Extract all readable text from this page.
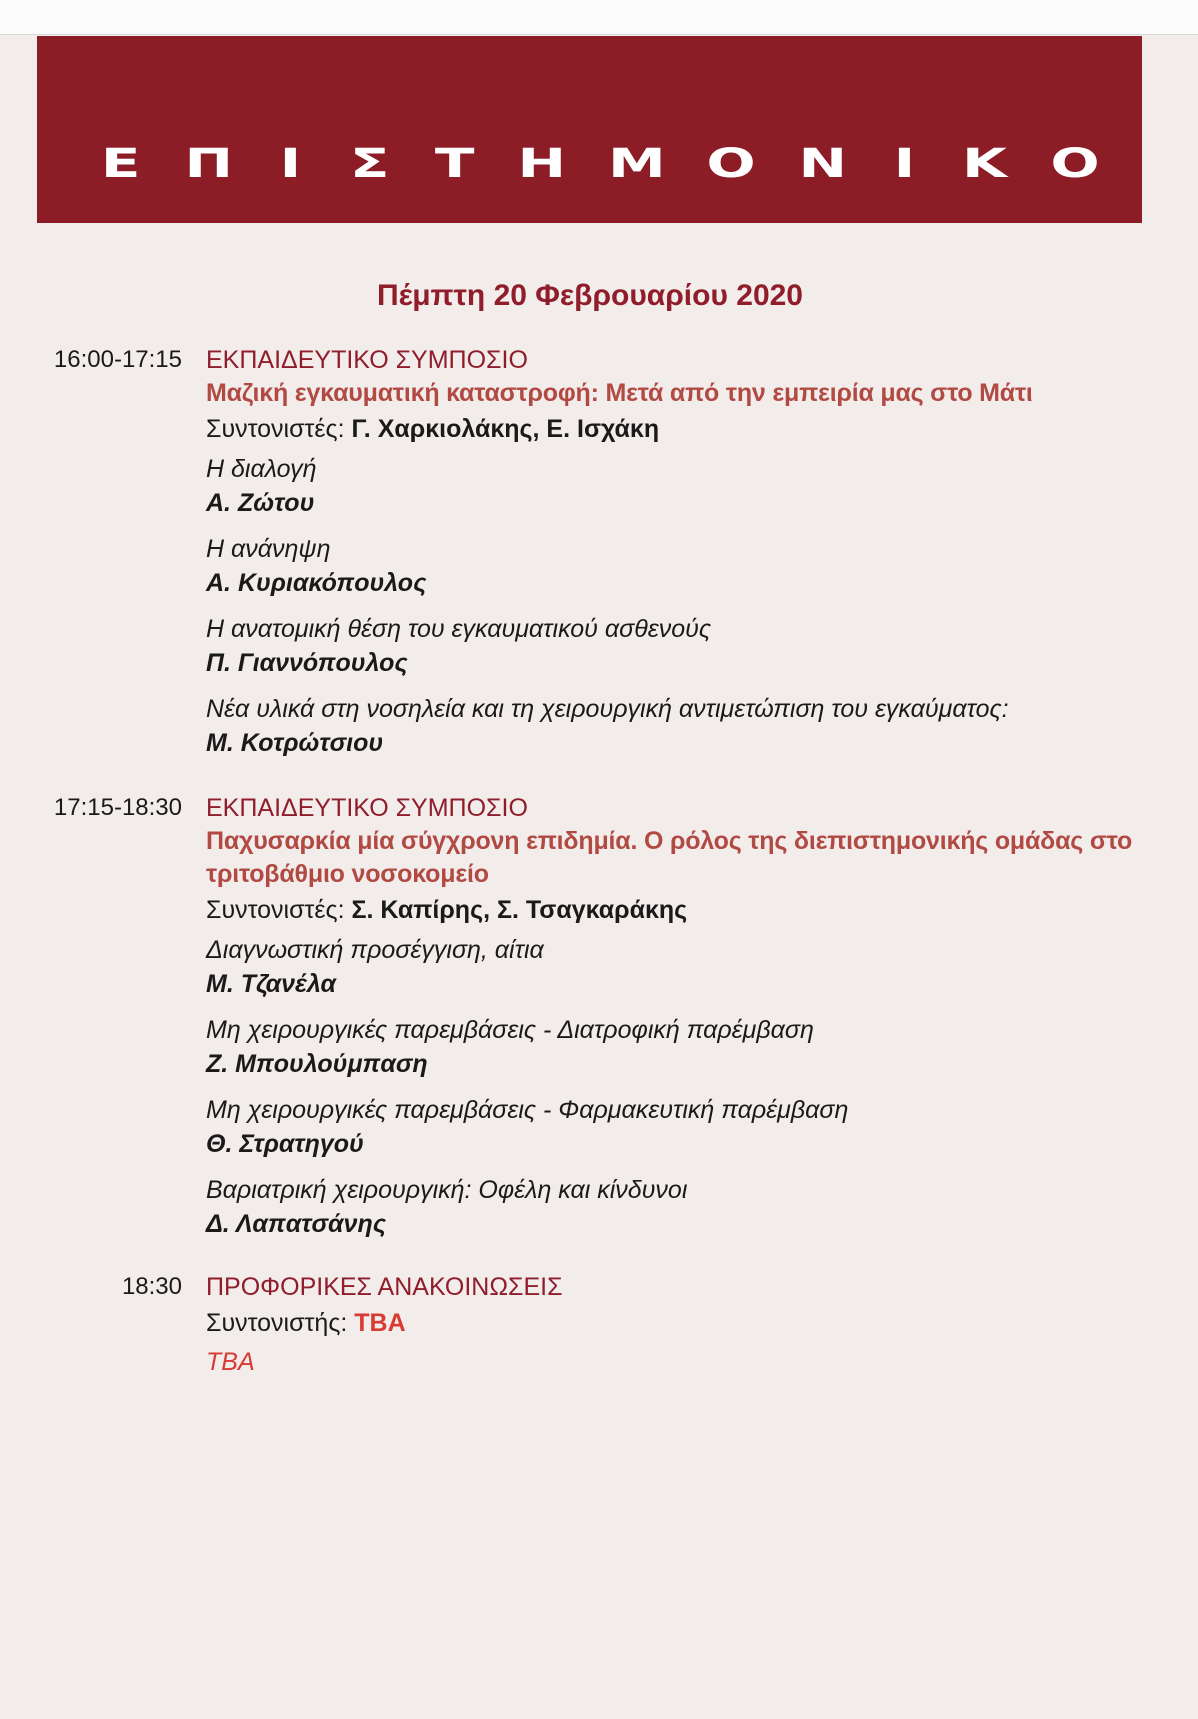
Ε Π Ι Σ Τ Η Μ Ο Ν Ι Κ Ο
Πέμπτη 20 Φεβρουαρίου 2020
16:00-17:15 ΕΚΠΑΙΔΕΥΤΙΚΟ ΣΥΜΠΟΣΙΟ
Μαζική εγκαυματική καταστροφή: Μετά από την εμπειρία μας στο Μάτι
Συντονιστές: Γ. Χαρκιολάκης, Ε. Ισχάκη
Η διαλογή
Α. Ζώτου
Η ανάνηψη
Α. Κυριακόπουλος
Η ανατομική θέση του εγκαυματικού ασθενούς
Π. Γιαννόπουλος
Νέα υλικά στη νοσηλεία και τη χειρουργική αντιμετώπιση του εγκαύματος:
Μ. Κοτρώτσιου
17:15-18:30 ΕΚΠΑΙΔΕΥΤΙΚΟ ΣΥΜΠΟΣΙΟ
Παχυσαρκία μία σύγχρονη επιδημία. Ο ρόλος της διεπιστημονικής ομάδας στο τριτοβάθμιο νοσοκομείο
Συντονιστές: Σ. Καπίρης, Σ. Τσαγκαράκης
Διαγνωστική προσέγγιση, αίτια
Μ. Τζανέλα
Μη χειρουργικές παρεμβάσεις - Διατροφική παρέμβαση
Ζ. Μπουλούμπαση
Μη χειρουργικές παρεμβάσεις - Φαρμακευτική παρέμβαση
Θ. Στρατηγού
Βαριατρική χειρουργική: Οφέλη και κίνδυνοι
Δ. Λαπατσάνης
18:30 ΠΡΟΦΟΡΙΚΕΣ ΑΝΑΚΟΙΝΩΣΕΙΣ
Συντονιστής: TBA
TBA
